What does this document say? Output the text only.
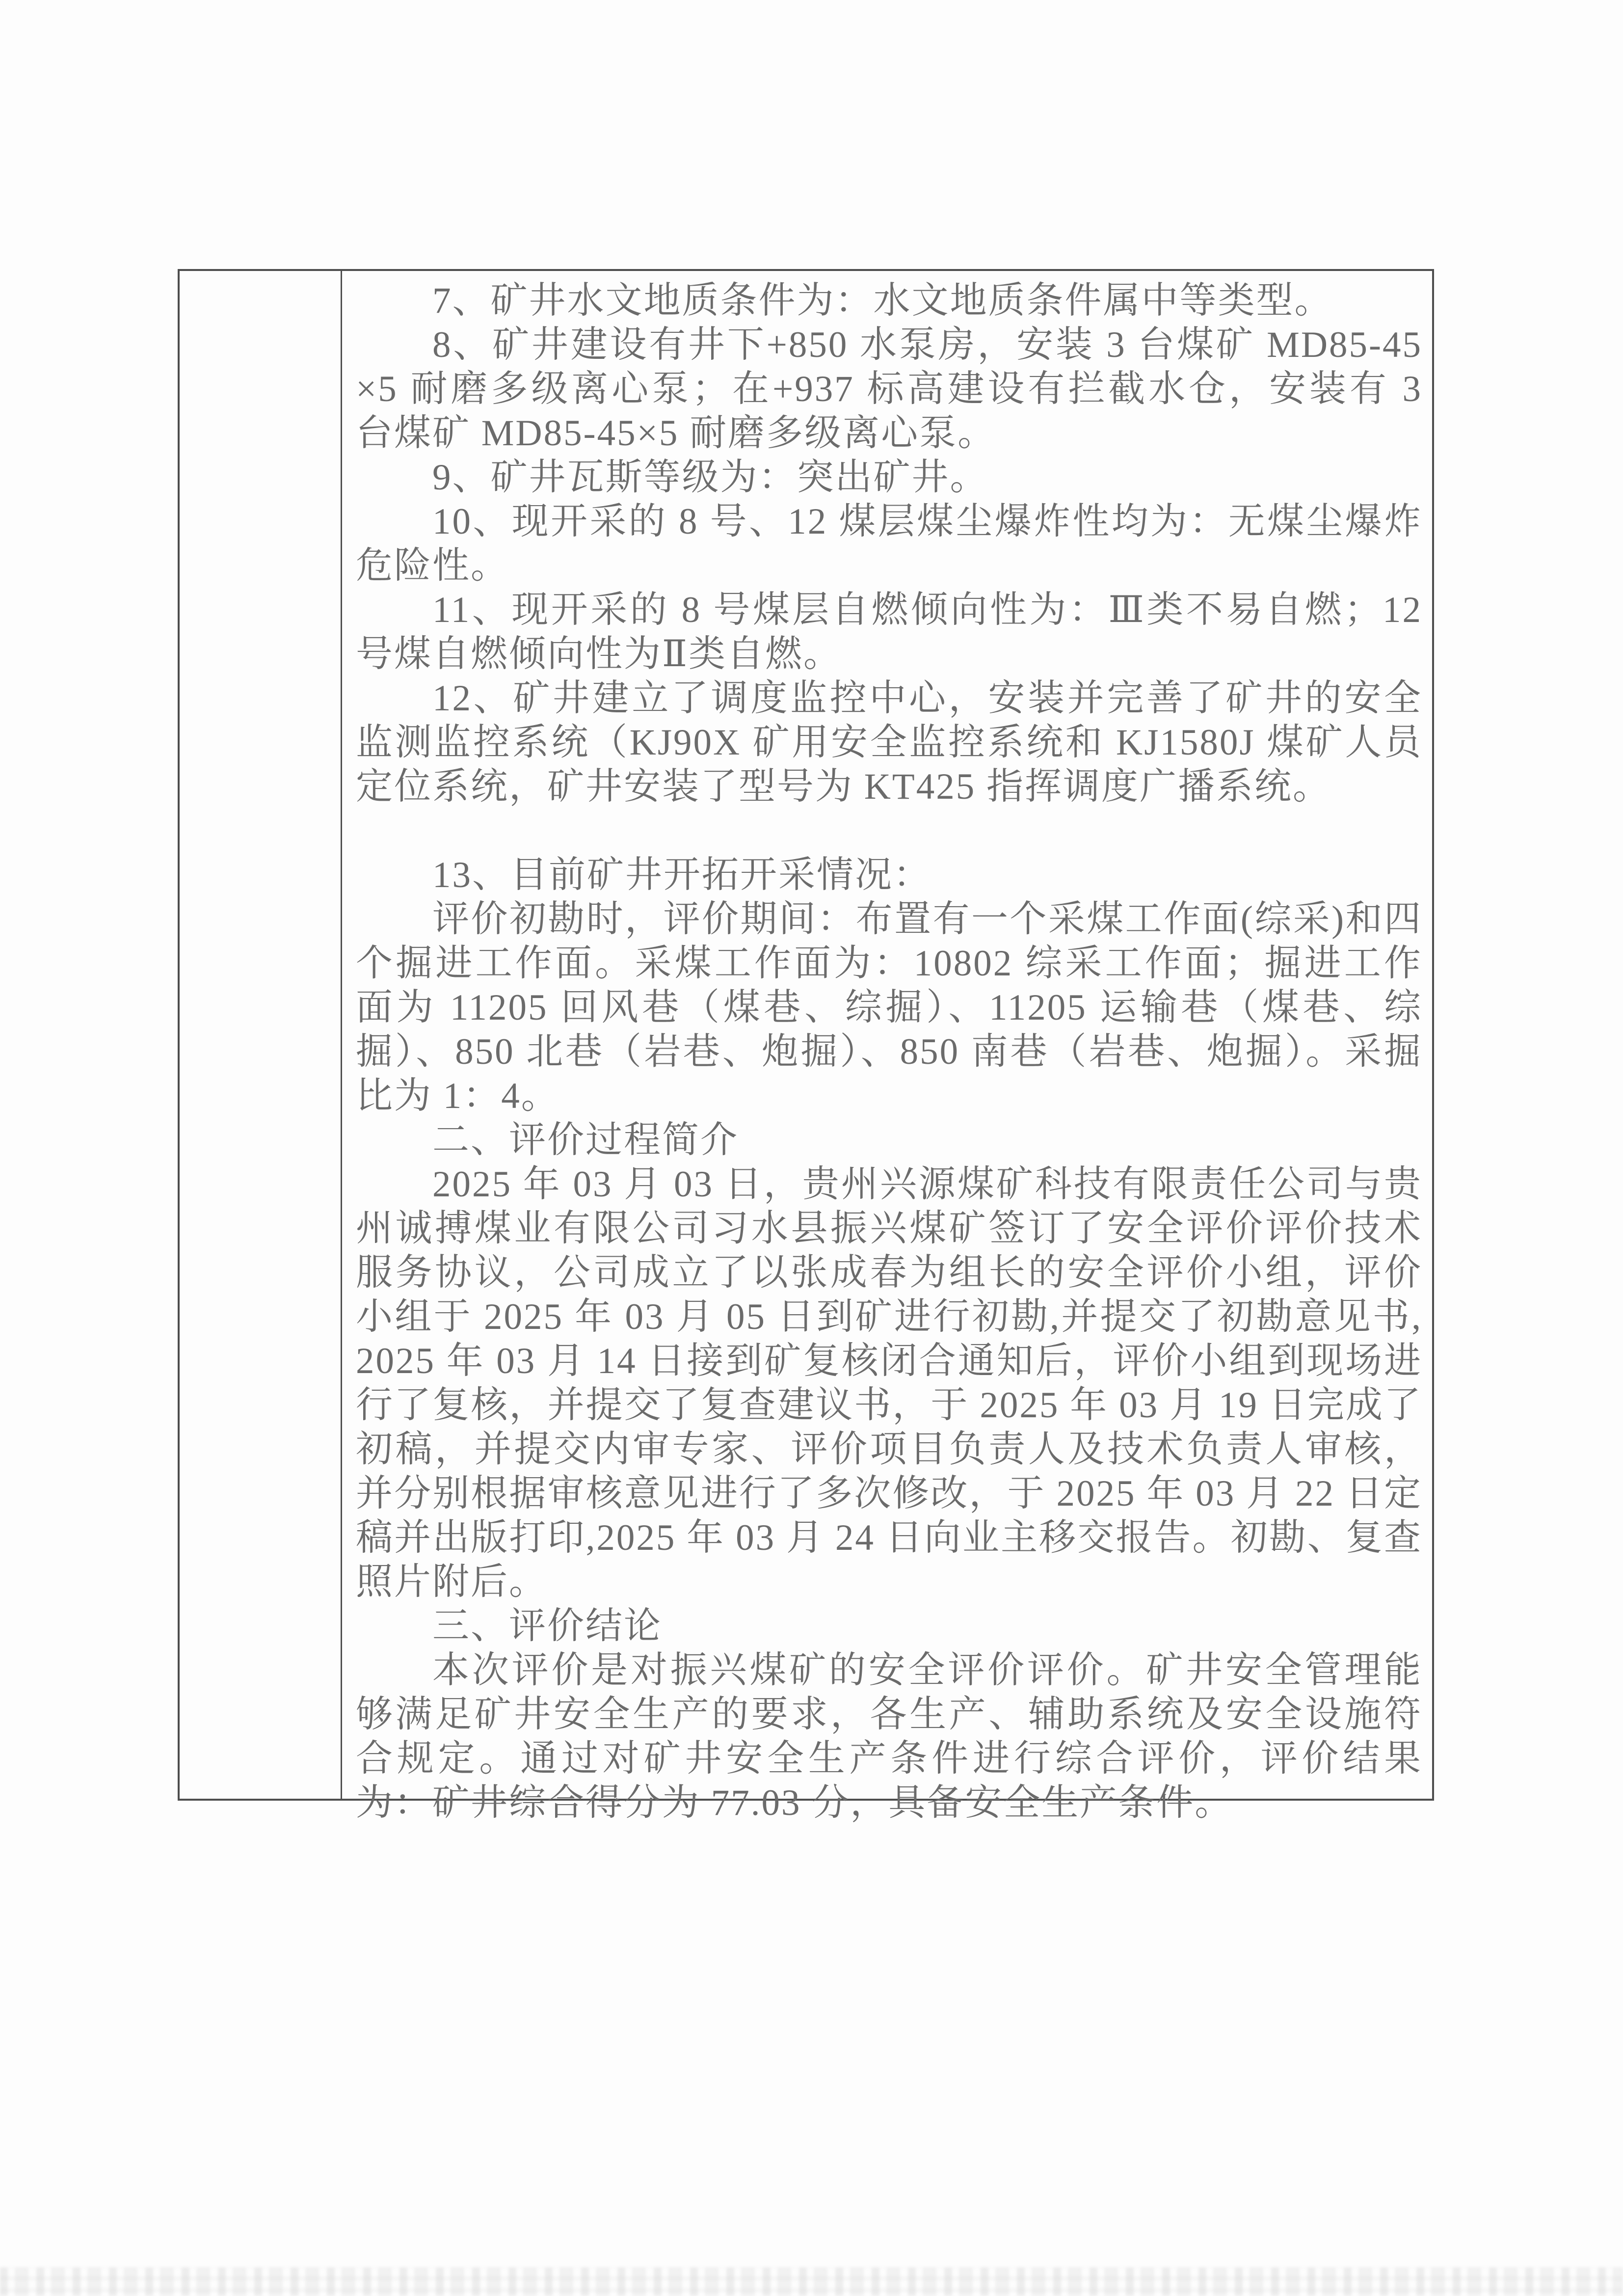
7、矿井水文地质条件为：水文地质条件属中等类型。

8、矿井建设有井下+850 水泵房，安装 3 台煤矿 MD85-45×5 耐磨多级离心泵；在+937 标高建设有拦截水仓，安装有 3 台煤矿 MD85-45×5 耐磨多级离心泵。

9、矿井瓦斯等级为：突出矿井。

10、现开采的 8 号、12 煤层煤尘爆炸性均为：无煤尘爆炸危险性。

11、现开采的 8 号煤层自燃倾向性为：Ⅲ类不易自燃；12 号煤自燃倾向性为Ⅱ类自燃。

12、矿井建立了调度监控中心，安装并完善了矿井的安全监测监控系统（KJ90X 矿用安全监控系统和 KJ1580J 煤矿人员定位系统，矿井安装了型号为 KT425 指挥调度广播系统。

13、目前矿井开拓开采情况：

评价初勘时，评价期间：布置有一个采煤工作面(综采)和四个掘进工作面。采煤工作面为：10802 综采工作面；掘进工作面为 11205 回风巷（煤巷、综掘）、11205 运输巷（煤巷、综掘）、850 北巷（岩巷、炮掘）、850 南巷（岩巷、炮掘）。采掘比为 1：4。

二、评价过程简介

2025 年 03 月 03 日，贵州兴源煤矿科技有限责任公司与贵州诚搏煤业有限公司习水县振兴煤矿签订了安全评价评价技术服务协议，公司成立了以张成春为组长的安全评价小组，评价小组于 2025 年 03 月 05 日到矿进行初勘,并提交了初勘意见书,2025 年 03 月 14 日接到矿复核闭合通知后，评价小组到现场进行了复核，并提交了复查建议书，于 2025 年 03 月 19 日完成了初稿，并提交内审专家、评价项目负责人及技术负责人审核，并分别根据审核意见进行了多次修改，于 2025 年 03 月 22 日定稿并出版打印,2025 年 03 月 24 日向业主移交报告。初勘、复查照片附后。

三、评价结论

本次评价是对振兴煤矿的安全评价评价。矿井安全管理能够满足矿井安全生产的要求，各生产、辅助系统及安全设施符合规定。通过对矿井安全生产条件进行综合评价，评价结果为：矿井综合得分为 77.03 分，具备安全生产条件。
